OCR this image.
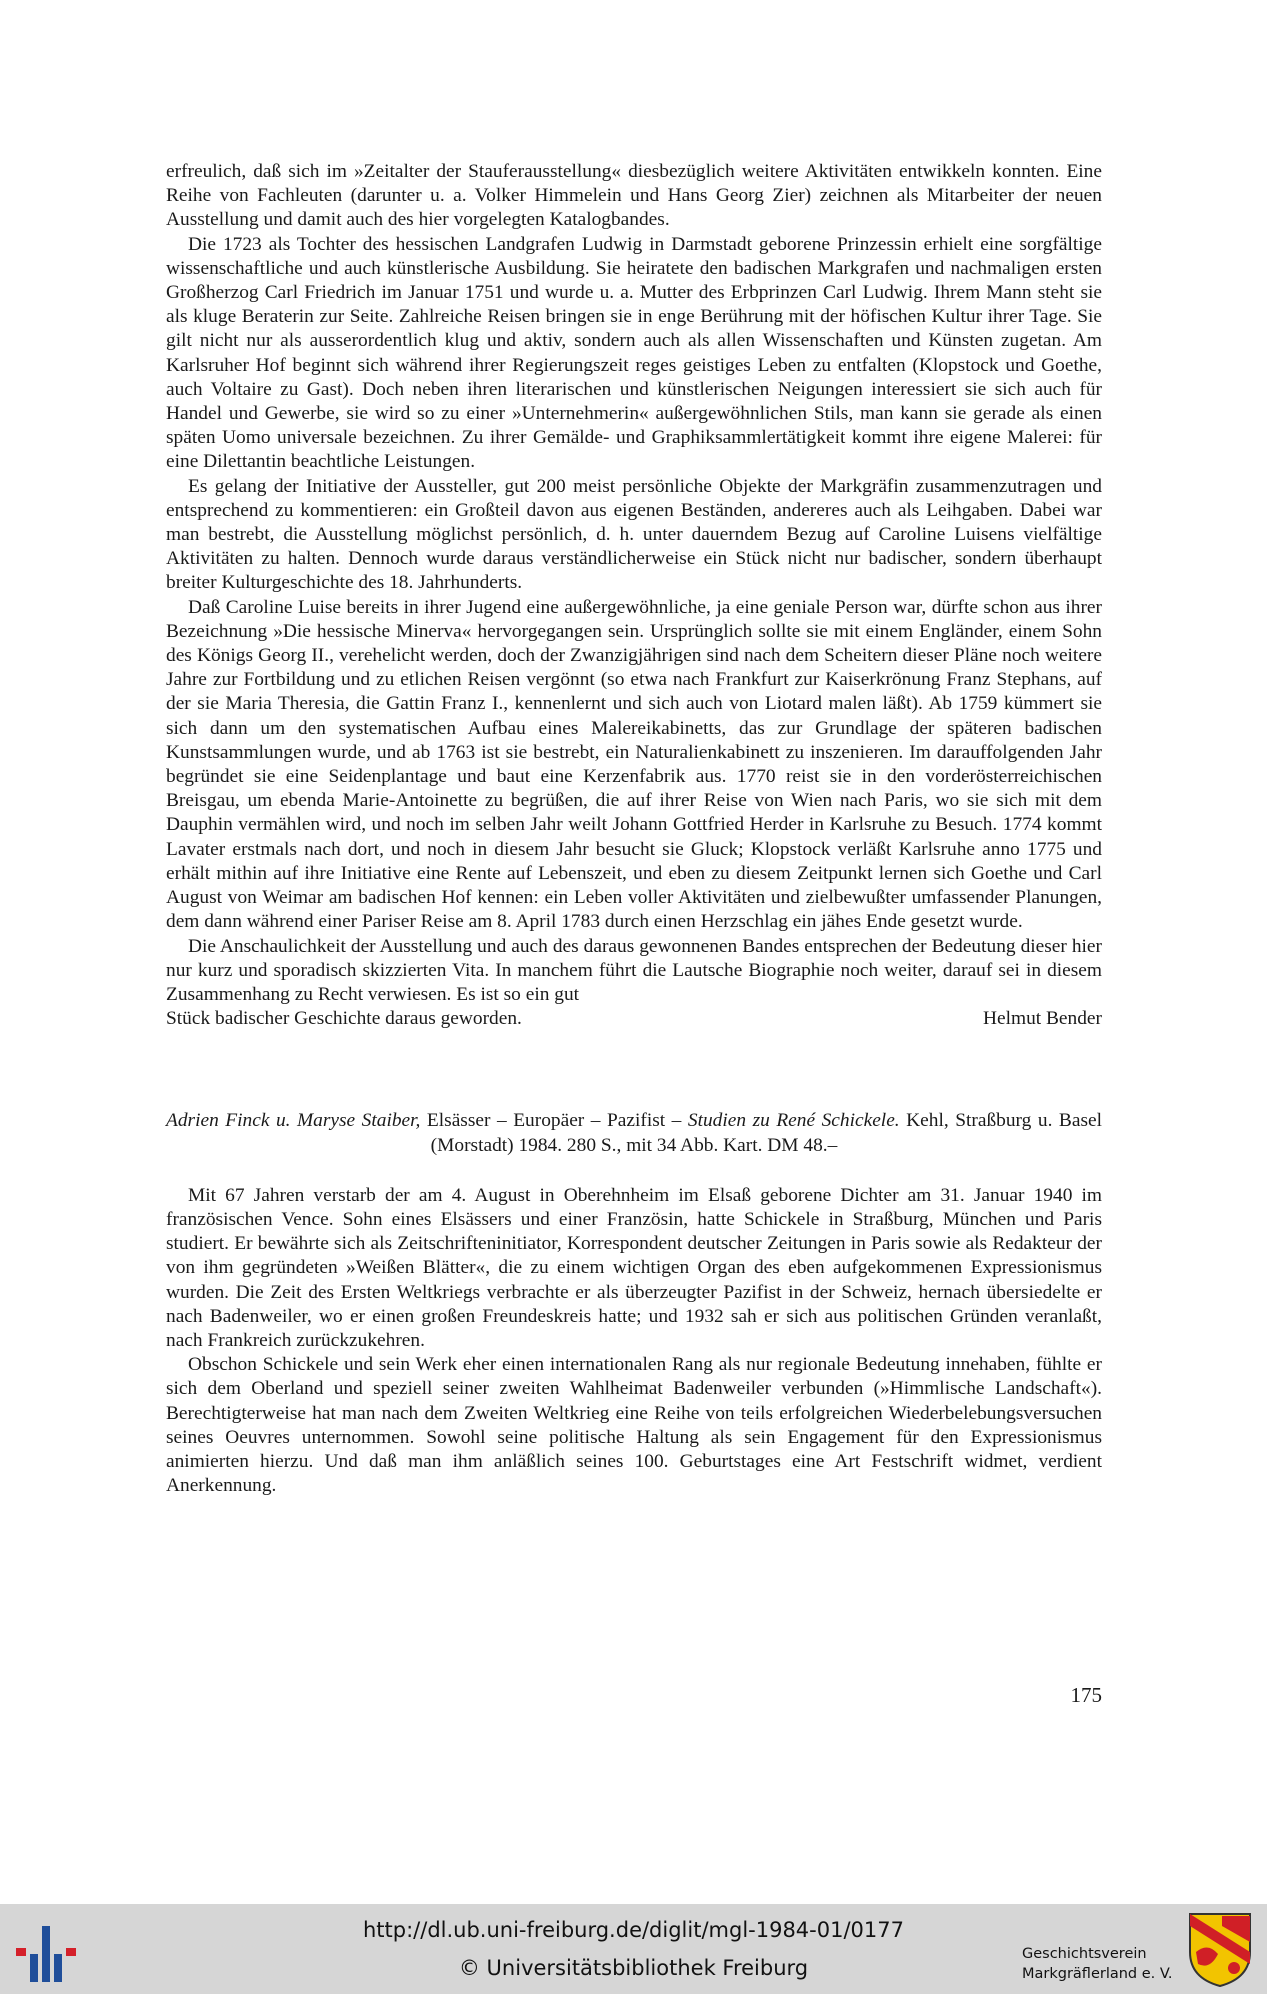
erfreulich, daß sich im »Zeitalter der Stauferausstellung« diesbezüglich weitere Aktivitäten entwikkeln konnten. Eine Reihe von Fachleuten (darunter u. a. Volker Himmelein und Hans Georg Zier) zeichnen als Mitarbeiter der neuen Ausstellung und damit auch des hier vorgelegten Katalogbandes.

Die 1723 als Tochter des hessischen Landgrafen Ludwig in Darmstadt geborene Prinzessin erhielt eine sorgfältige wissenschaftliche und auch künstlerische Ausbildung. Sie heiratete den badischen Markgrafen und nachmaligen ersten Großherzog Carl Friedrich im Januar 1751 und wurde u. a. Mutter des Erbprinzen Carl Ludwig. Ihrem Mann steht sie als kluge Beraterin zur Seite. Zahlreiche Reisen bringen sie in enge Berührung mit der höfischen Kultur ihrer Tage. Sie gilt nicht nur als ausserordentlich klug und aktiv, sondern auch als allen Wissenschaften und Künsten zugetan. Am Karlsruher Hof beginnt sich während ihrer Regierungszeit reges geistiges Leben zu entfalten (Klopstock und Goethe, auch Voltaire zu Gast). Doch neben ihren literarischen und künstlerischen Neigungen interessiert sie sich auch für Handel und Gewerbe, sie wird so zu einer »Unternehmerin« außergewöhnlichen Stils, man kann sie gerade als einen späten Uomo universale bezeichnen. Zu ihrer Gemälde- und Graphiksammlertätigkeit kommt ihre eigene Malerei: für eine Dilettantin beachtliche Leistungen.

Es gelang der Initiative der Aussteller, gut 200 meist persönliche Objekte der Markgräfin zusammenzutragen und entsprechend zu kommentieren: ein Großteil davon aus eigenen Beständen, andereres auch als Leihgaben. Dabei war man bestrebt, die Ausstellung möglichst persönlich, d. h. unter dauerndem Bezug auf Caroline Luisens vielfältige Aktivitäten zu halten. Dennoch wurde daraus verständlicherweise ein Stück nicht nur badischer, sondern überhaupt breiter Kulturgeschichte des 18. Jahrhunderts.

Daß Caroline Luise bereits in ihrer Jugend eine außergewöhnliche, ja eine geniale Person war, dürfte schon aus ihrer Bezeichnung »Die hessische Minerva« hervorgegangen sein. Ursprünglich sollte sie mit einem Engländer, einem Sohn des Königs Georg II., verehelicht werden, doch der Zwanzigjährigen sind nach dem Scheitern dieser Pläne noch weitere Jahre zur Fortbildung und zu etlichen Reisen vergönnt (so etwa nach Frankfurt zur Kaiserkrönung Franz Stephans, auf der sie Maria Theresia, die Gattin Franz I., kennenlernt und sich auch von Liotard malen läßt). Ab 1759 kümmert sie sich dann um den systematischen Aufbau eines Malereikabinetts, das zur Grundlage der späteren badischen Kunstsammlungen wurde, und ab 1763 ist sie bestrebt, ein Naturalienkabinett zu inszenieren. Im darauffolgenden Jahr begründet sie eine Seidenplantage und baut eine Kerzenfabrik aus. 1770 reist sie in den vorderösterreichischen Breisgau, um ebenda Marie-Antoinette zu begrüßen, die auf ihrer Reise von Wien nach Paris, wo sie sich mit dem Dauphin vermählen wird, und noch im selben Jahr weilt Johann Gottfried Herder in Karlsruhe zu Besuch. 1774 kommt Lavater erstmals nach dort, und noch in diesem Jahr besucht sie Gluck; Klopstock verläßt Karlsruhe anno 1775 und erhält mithin auf ihre Initiative eine Rente auf Lebenszeit, und eben zu diesem Zeitpunkt lernen sich Goethe und Carl August von Weimar am badischen Hof kennen: ein Leben voller Aktivitäten und zielbewußter umfassender Planungen, dem dann während einer Pariser Reise am 8. April 1783 durch einen Herzschlag ein jähes Ende gesetzt wurde.

Die Anschaulichkeit der Ausstellung und auch des daraus gewonnenen Bandes entsprechen der Bedeutung dieser hier nur kurz und sporadisch skizzierten Vita. In manchem führt die Lautsche Biographie noch weiter, darauf sei in diesem Zusammenhang zu Recht verwiesen. Es ist so ein gut

Stück badischer Geschichte daraus geworden.	Helmut Bender

Adrien Finck u. Maryse Staiber, Elsässer – Europäer – Pazifist – Studien zu René Schickele. Kehl, Straßburg u. Basel (Morstadt) 1984. 280 S., mit 34 Abb. Kart. DM 48.–

Mit 67 Jahren verstarb der am 4. August in Oberehnheim im Elsaß geborene Dichter am 31. Januar 1940 im französischen Vence. Sohn eines Elsässers und einer Französin, hatte Schickele in Straßburg, München und Paris studiert. Er bewährte sich als Zeitschrifteninitiator, Korrespondent deutscher Zeitungen in Paris sowie als Redakteur der von ihm gegründeten »Weißen Blätter«, die zu einem wichtigen Organ des eben aufgekommenen Expressionismus wurden. Die Zeit des Ersten Weltkriegs verbrachte er als überzeugter Pazifist in der Schweiz, hernach übersiedelte er nach Badenweiler, wo er einen großen Freundeskreis hatte; und 1932 sah er sich aus politischen Gründen veranlaßt, nach Frankreich zurückzukehren.

Obschon Schickele und sein Werk eher einen internationalen Rang als nur regionale Bedeutung innehaben, fühlte er sich dem Oberland und speziell seiner zweiten Wahlheimat Badenweiler verbunden (»Himmlische Landschaft«). Berechtigterweise hat man nach dem Zweiten Weltkrieg eine Reihe von teils erfolgreichen Wiederbelebungsversuchen seines Oeuvres unternommen. Sowohl seine politische Haltung als sein Engagement für den Expressionismus animierten hierzu. Und daß man ihm anläßlich seines 100. Geburtstages eine Art Festschrift widmet, verdient Anerkennung.

175
http://dl.ub.uni-freiburg.de/diglit/mgl-1984-01/0177
© Universitätsbibliothek Freiburg
Geschichtsverein
Markgräflerland e. V.
